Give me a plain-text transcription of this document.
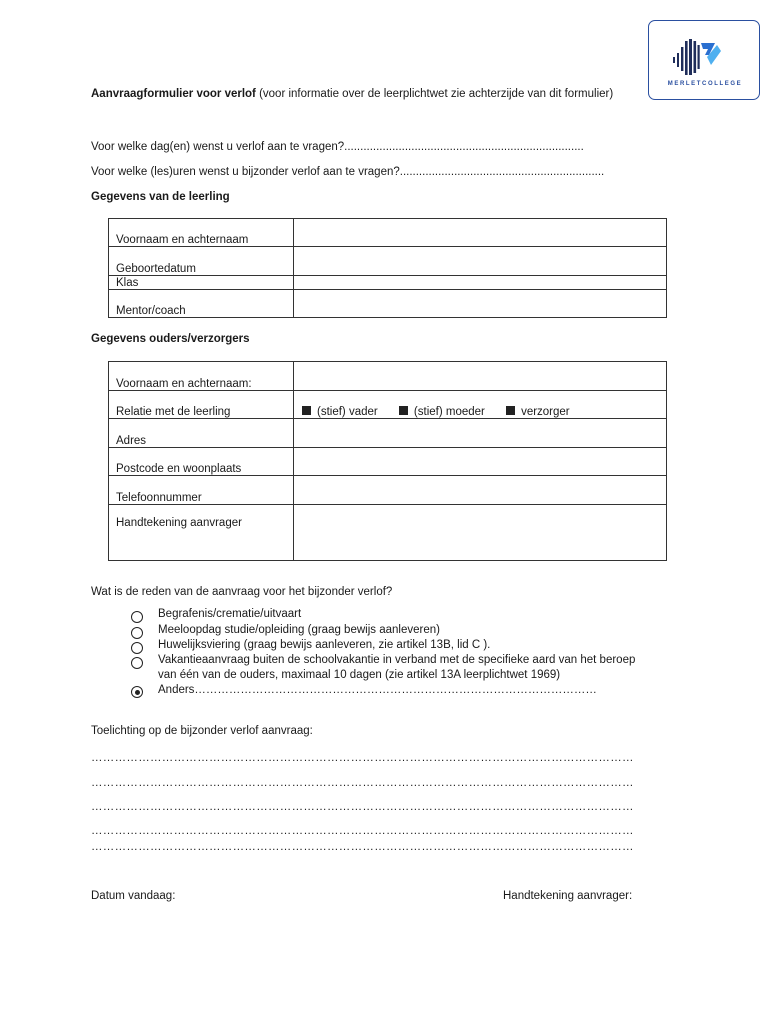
MERLETCOLLEGE
Aanvraagformulier voor verlof (voor informatie over de leerplichtwet zie achterzijde van dit formulier)
Voor welke dag(en) wenst u verlof aan te vragen?...........................................................................
Voor welke (les)uren wenst u bijzonder verlof aan te vragen?................................................................
Gegevens van de leerling
Voornaam en achternaam	
Geboortedatum	
Klas	
Mentor/coach	
Gegevens ouders/verzorgers
Voornaam en achternaam:	
Relatie met de leerling	(stief) vader (stief) moeder verzorger
Adres	
Postcode en woonplaats	
Telefoonnummer	
Handtekening aanvrager	
Wat is de reden van de aanvraag voor het bijzonder verlof?
Begrafenis/crematie/uitvaart
Meeloopdag studie/opleiding (graag bewijs aanleveren)
Huwelijksviering (graag bewijs aanleveren, zie artikel 13B, lid C ).
Vakantieaanvraag buiten de schoolvakantie in verband met de specifieke aard van het beroep
van één van de ouders, maximaal 10 dagen (zie artikel 13A leerplichtwet 1969)
Anders……………………………………………………………………………………………
Toelichting op de bijzonder verlof aanvraag:
…………………………………………………………………………………………………………………………
…………………………………………………………………………………………………………………………
…………………………………………………………………………………………………………………………
…………………………………………………………………………………………………………………………
…………………………………………………………………………………………………………………………
Datum vandaag:	Handtekening aanvrager:
